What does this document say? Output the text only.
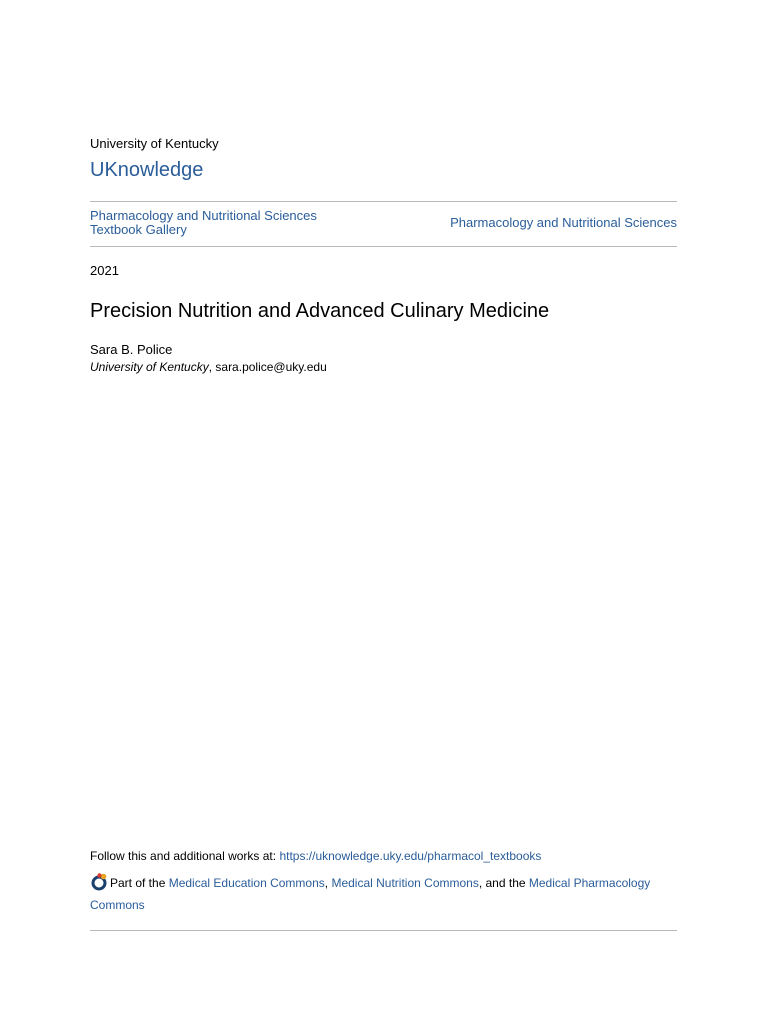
University of Kentucky
UKnowledge
Pharmacology and Nutritional Sciences Textbook Gallery	Pharmacology and Nutritional Sciences
2021
Precision Nutrition and Advanced Culinary Medicine
Sara B. Police
University of Kentucky, sara.police@uky.edu
Follow this and additional works at: https://uknowledge.uky.edu/pharmacol_textbooks
Part of the Medical Education Commons, Medical Nutrition Commons, and the Medical Pharmacology Commons
